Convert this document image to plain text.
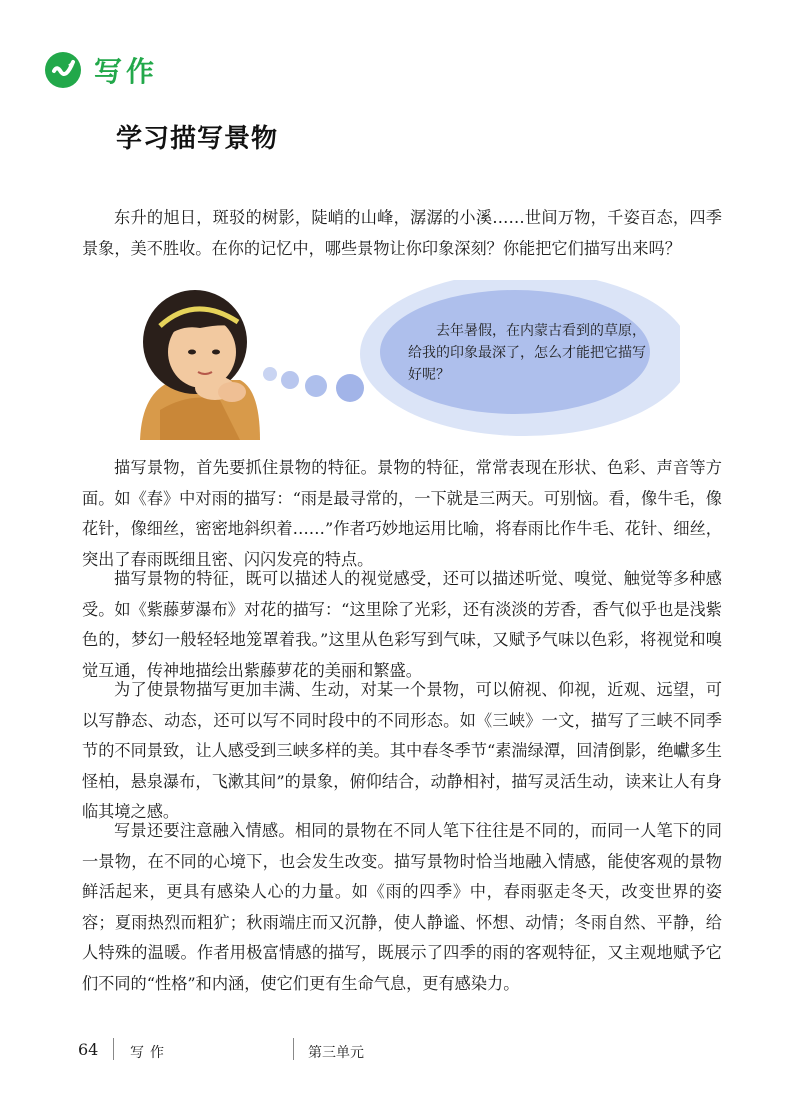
写作
学习描写景物

东升的旭日，斑驳的树影，陡峭的山峰，潺潺的小溪……世间万物，千姿百态，四季景象，美不胜收。在你的记忆中，哪些景物让你印象深刻？你能把它们描写出来吗？

去年暑假，在内蒙古看到的草原，给我的印象最深了，怎么才能把它描写好呢？

描写景物，首先要抓住景物的特征。景物的特征，常常表现在形状、色彩、声音等方面。如《春》中对雨的描写：“雨是最寻常的，一下就是三两天。可别恼。看，像牛毛，像花针，像细丝，密密地斜织着……”作者巧妙地运用比喻，将春雨比作牛毛、花针、细丝，突出了春雨既细且密、闪闪发亮的特点。

描写景物的特征，既可以描述人的视觉感受，还可以描述听觉、嗅觉、触觉等多种感受。如《紫藤萝瀑布》对花的描写：“这里除了光彩，还有淡淡的芳香，香气似乎也是浅紫色的，梦幻一般轻轻地笼罩着我。”这里从色彩写到气味，又赋予气味以色彩，将视觉和嗅觉互通，传神地描绘出紫藤萝花的美丽和繁盛。

为了使景物描写更加丰满、生动，对某一个景物，可以俯视、仰视，近观、远望，可以写静态、动态，还可以写不同时段中的不同形态。如《三峡》一文，描写了三峡不同季节的不同景致，让人感受到三峡多样的美。其中春冬季节“素湍绿潭，回清倒影，绝巘多生怪柏，悬泉瀑布，飞漱其间”的景象，俯仰结合，动静相衬，描写灵活生动，读来让人有身临其境之感。

写景还要注意融入情感。相同的景物在不同人笔下往往是不同的，而同一人笔下的同一景物，在不同的心境下，也会发生改变。描写景物时恰当地融入情感，能使客观的景物鲜活起来，更具有感染人心的力量。如《雨的四季》中，春雨驱走冬天，改变世界的姿容；夏雨热烈而粗犷；秋雨端庄而又沉静，使人静谧、怀想、动情；冬雨自然、平静，给人特殊的温暖。作者用极富情感的描写，既展示了四季的雨的客观特征，又主观地赋予它们不同的“性格”和内涵，使它们更有生命气息，更有感染力。

64 写作	第三单元
